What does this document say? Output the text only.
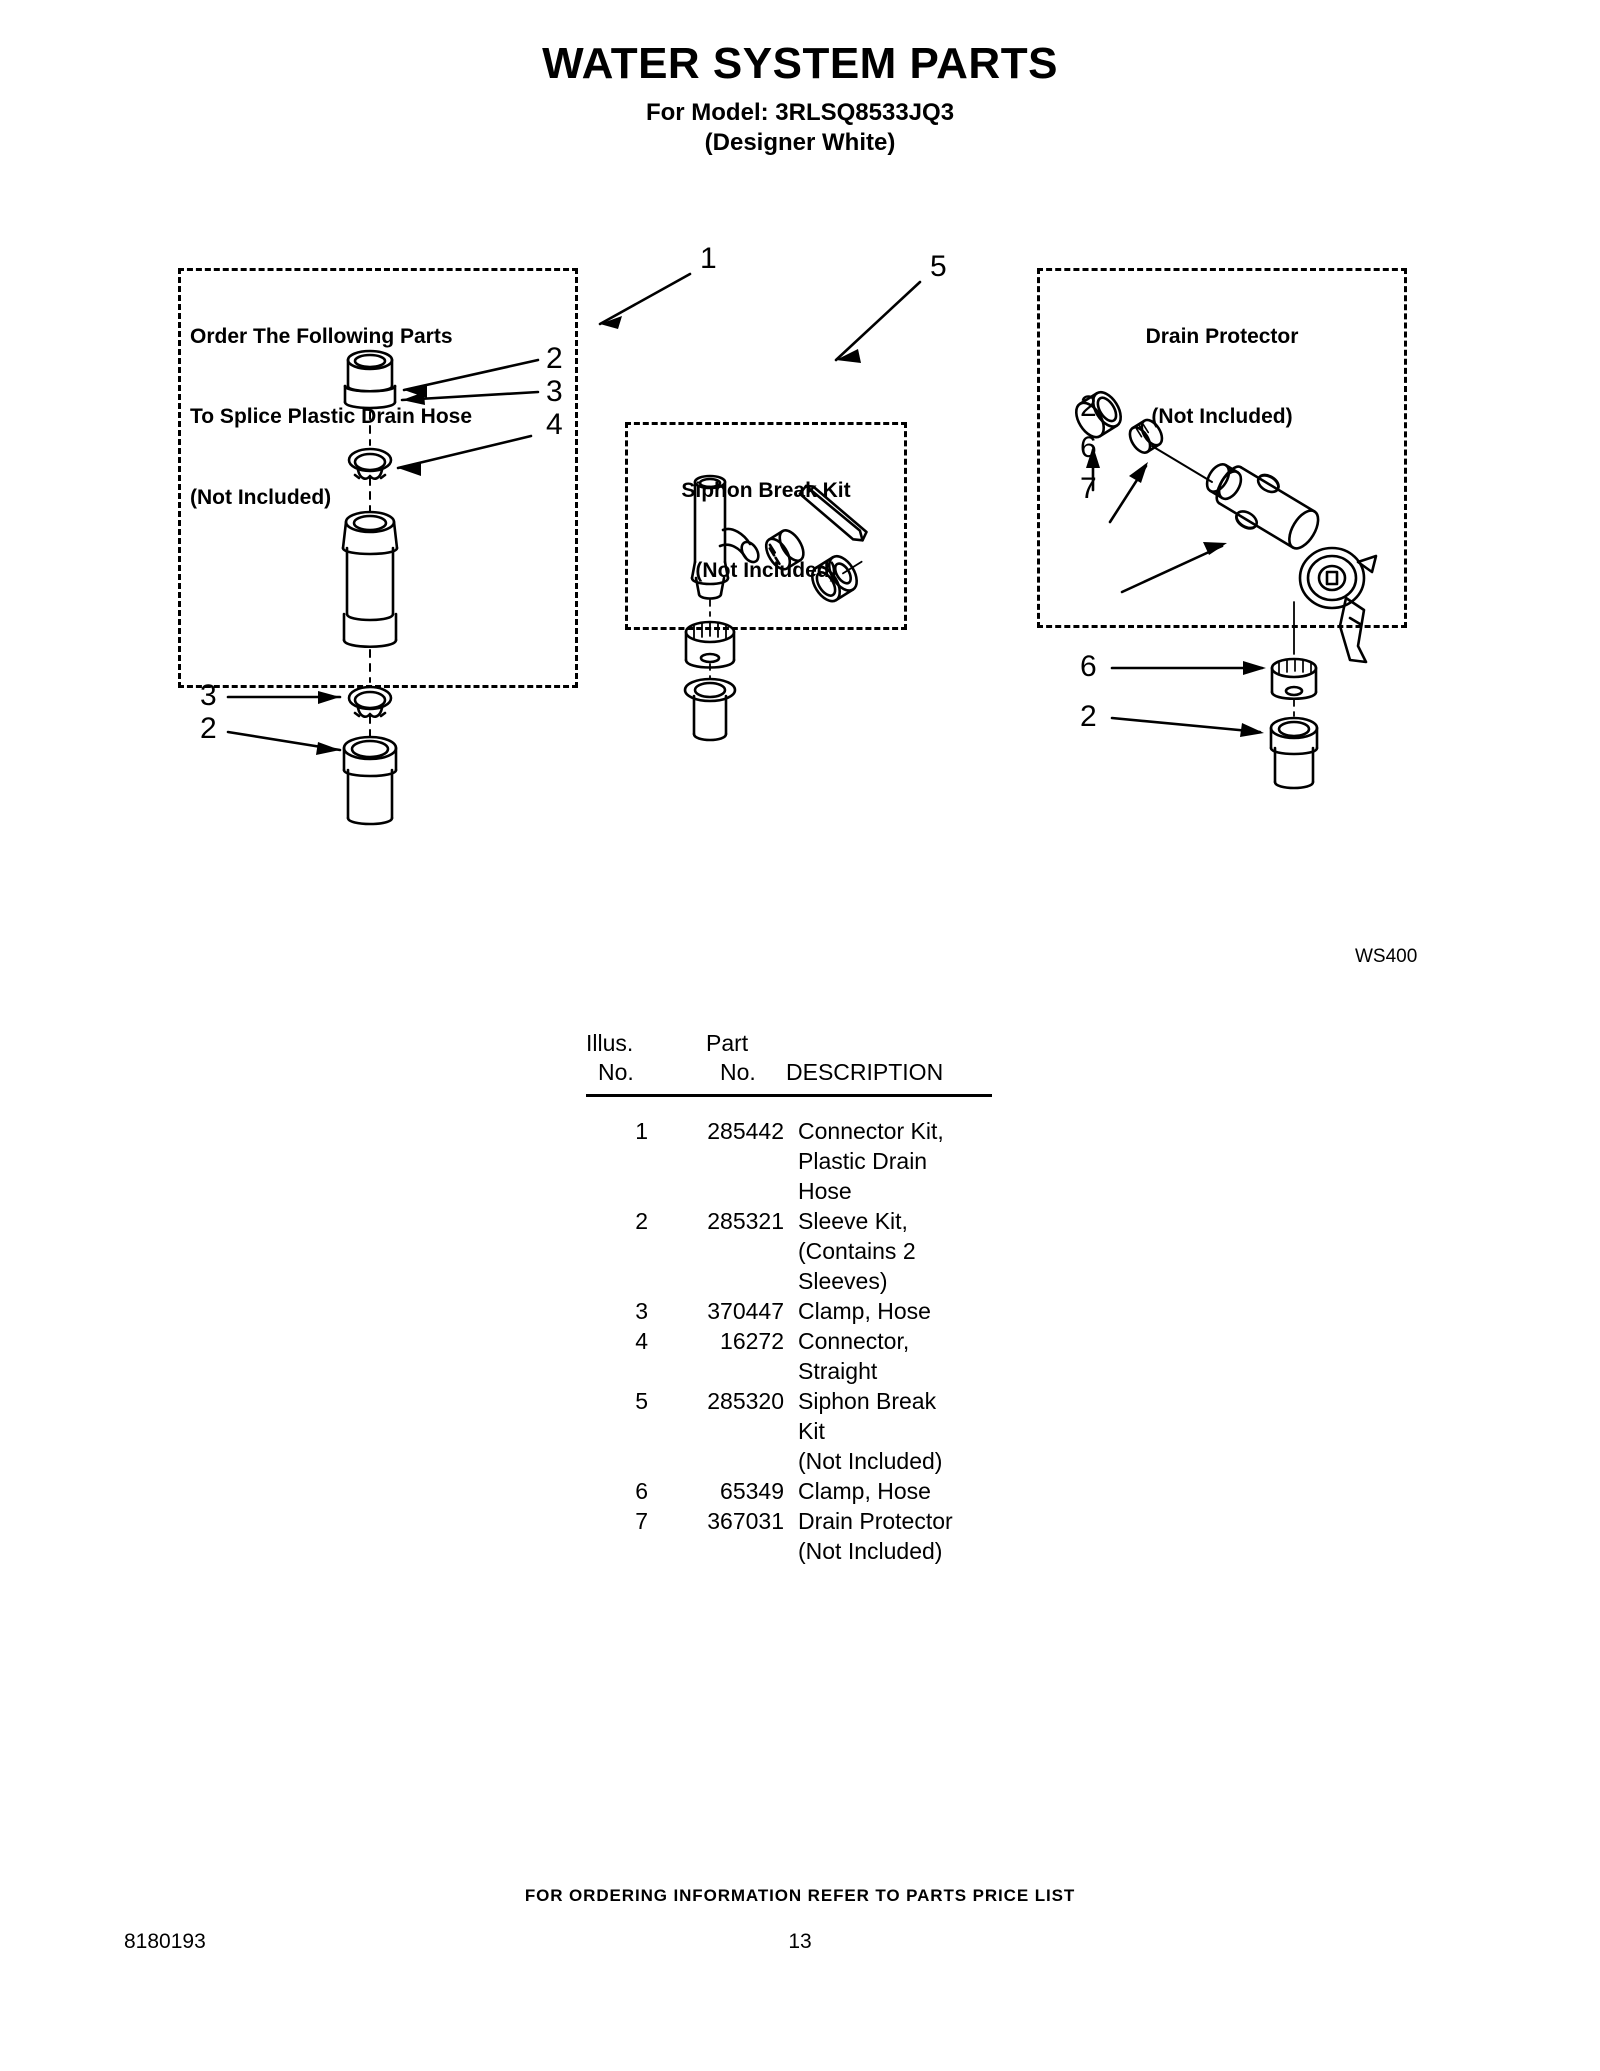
WATER SYSTEM PARTS
For Model: 3RLSQ8533JQ3
(Designer White)

Order The Following Parts

To Splice Plastic Drain Hose

(Not Included)

	Siphon Break Kit

(Not Included)

Drain Protector

(Not Included)

1	5
2
3
4
3
2
2
6
7
6
2
WS400
Illus.
No.
Part
No. DESCRIPTION
1	285442 Connector Kit,
Plastic Drain
Hose
2	285321 Sleeve Kit,
(Contains 2
Sleeves)
3	370447 Clamp, Hose
4	16272 Connector,
Straight
5	285320 Siphon Break
Kit
(Not Included)
6	65349 Clamp, Hose
7	367031 Drain Protector
(Not Included)
FOR ORDERING INFORMATION REFER TO PARTS PRICE LIST
8180193	13
